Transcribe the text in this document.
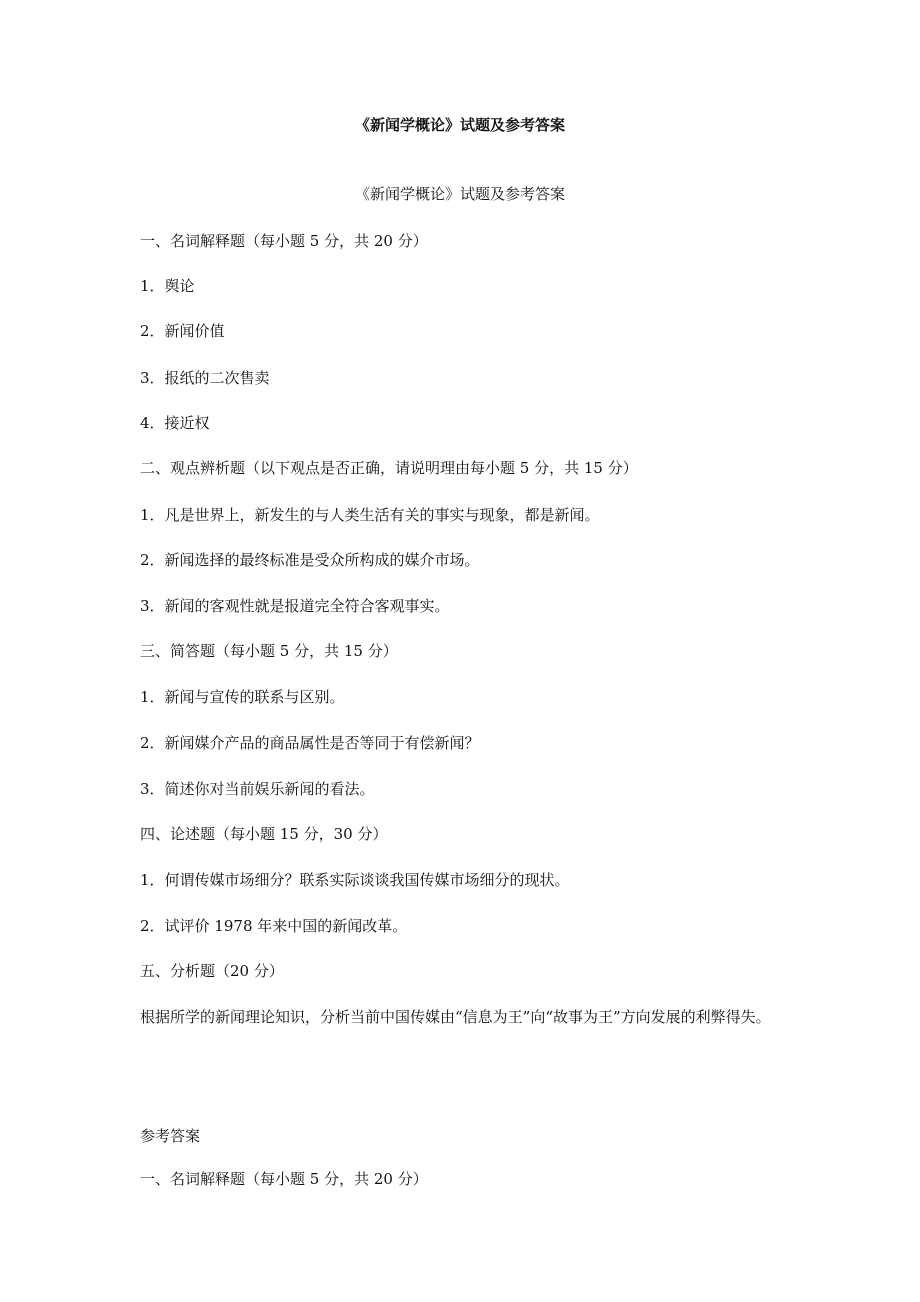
《新闻学概论》试题及参考答案

《新闻学概论》试题及参考答案

一、名词解释题（每小题 5 分，共 20 分）

1．舆论

2．新闻价值

3．报纸的二次售卖

4．接近权

二、观点辨析题（以下观点是否正确，请说明理由每小题 5 分，共 15 分）

1．凡是世界上，新发生的与人类生活有关的事实与现象，都是新闻。

2．新闻选择的最终标准是受众所构成的媒介市场。

3．新闻的客观性就是报道完全符合客观事实。

三、简答题（每小题 5 分，共 15 分）

1．新闻与宣传的联系与区别。

2．新闻媒介产品的商品属性是否等同于有偿新闻？

3．简述你对当前娱乐新闻的看法。

四、论述题（每小题 15 分，30 分）

1．何谓传媒市场细分？联系实际谈谈我国传媒市场细分的现状。

2．试评价 1978 年来中国的新闻改革。

五、分析题（20 分）

根据所学的新闻理论知识，分析当前中国传媒由“信息为王”向“故事为王”方向发展的利弊得失。

参考答案

一、名词解释题（每小题 5 分，共 20 分）
